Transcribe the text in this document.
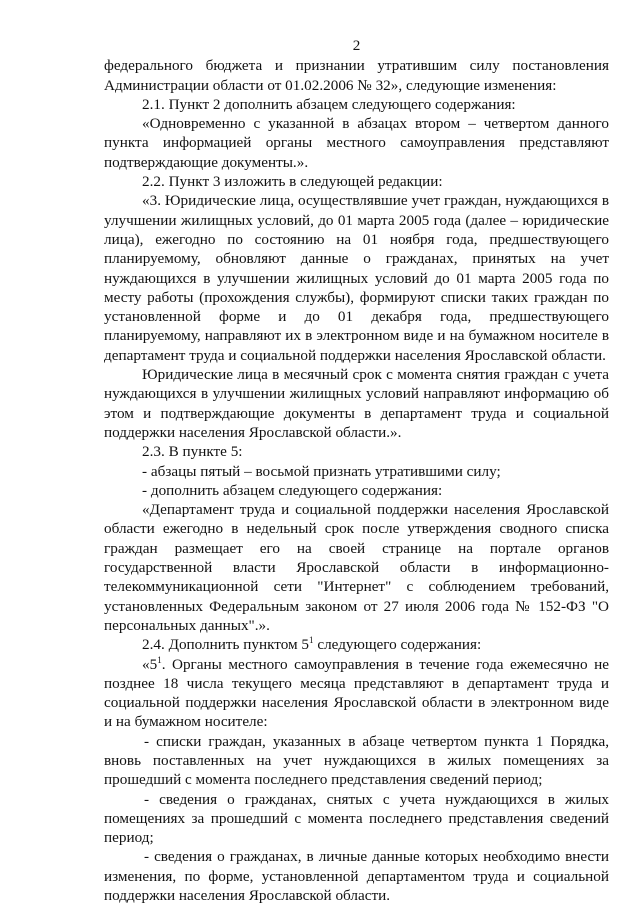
2

федерального бюджета и признании утратившим силу постановления Администрации области от 01.02.2006 № 32», следующие изменения:

2.1. Пункт 2 дополнить абзацем следующего содержания:

«Одновременно с указанной в абзацах втором – четвертом данного пункта информацией органы местного самоуправления представляют подтверждающие документы.».

2.2. Пункт 3 изложить в следующей редакции:

«3. Юридические лица, осуществлявшие учет граждан, нуждающихся в улучшении жилищных условий, до 01 марта 2005 года (далее – юридические лица), ежегодно по состоянию на 01 ноября года, предшествующего планируемому, обновляют данные о гражданах, принятых на учет нуждающихся в улучшении жилищных условий до 01 марта 2005 года по месту работы (прохождения службы), формируют списки таких граждан по установленной форме и до 01 декабря года, предшествующего планируемому, направляют их в электронном виде и на бумажном носителе в департамент труда и социальной поддержки населения Ярославской области.

Юридические лица в месячный срок с момента снятия граждан с учета нуждающихся в улучшении жилищных условий направляют информацию об этом и подтверждающие документы в департамент труда и социальной поддержки населения Ярославской области.».

2.3. В пункте 5:

- абзацы пятый – восьмой признать утратившими силу;

- дополнить абзацем следующего содержания:

«Департамент труда и социальной поддержки населения Ярославской области ежегодно в недельный срок после утверждения сводного списка граждан размещает его на своей странице на портале органов государственной власти Ярославской области в информационно-телекоммуникационной сети "Интернет" с соблюдением требований, установленных Федеральным законом от 27 июля 2006 года № 152-ФЗ "О персональных данных".».

2.4. Дополнить пунктом $5^1$ следующего содержания:

«$5^1$. Органы местного самоуправления в течение года ежемесячно не позднее 18 числа текущего месяца представляют в департамент труда и социальной поддержки населения Ярославской области в электронном виде и на бумажном носителе:

- списки граждан, указанных в абзаце четвертом пункта 1 Порядка, вновь поставленных на учет нуждающихся в жилых помещениях за прошедший с момента последнего представления сведений период;

- сведения о гражданах, снятых с учета нуждающихся в жилых помещениях за прошедший с момента последнего представления сведений период;

- сведения о гражданах, в личные данные которых необходимо внести изменения, по форме, установленной департаментом труда и социальной поддержки населения Ярославской области.
